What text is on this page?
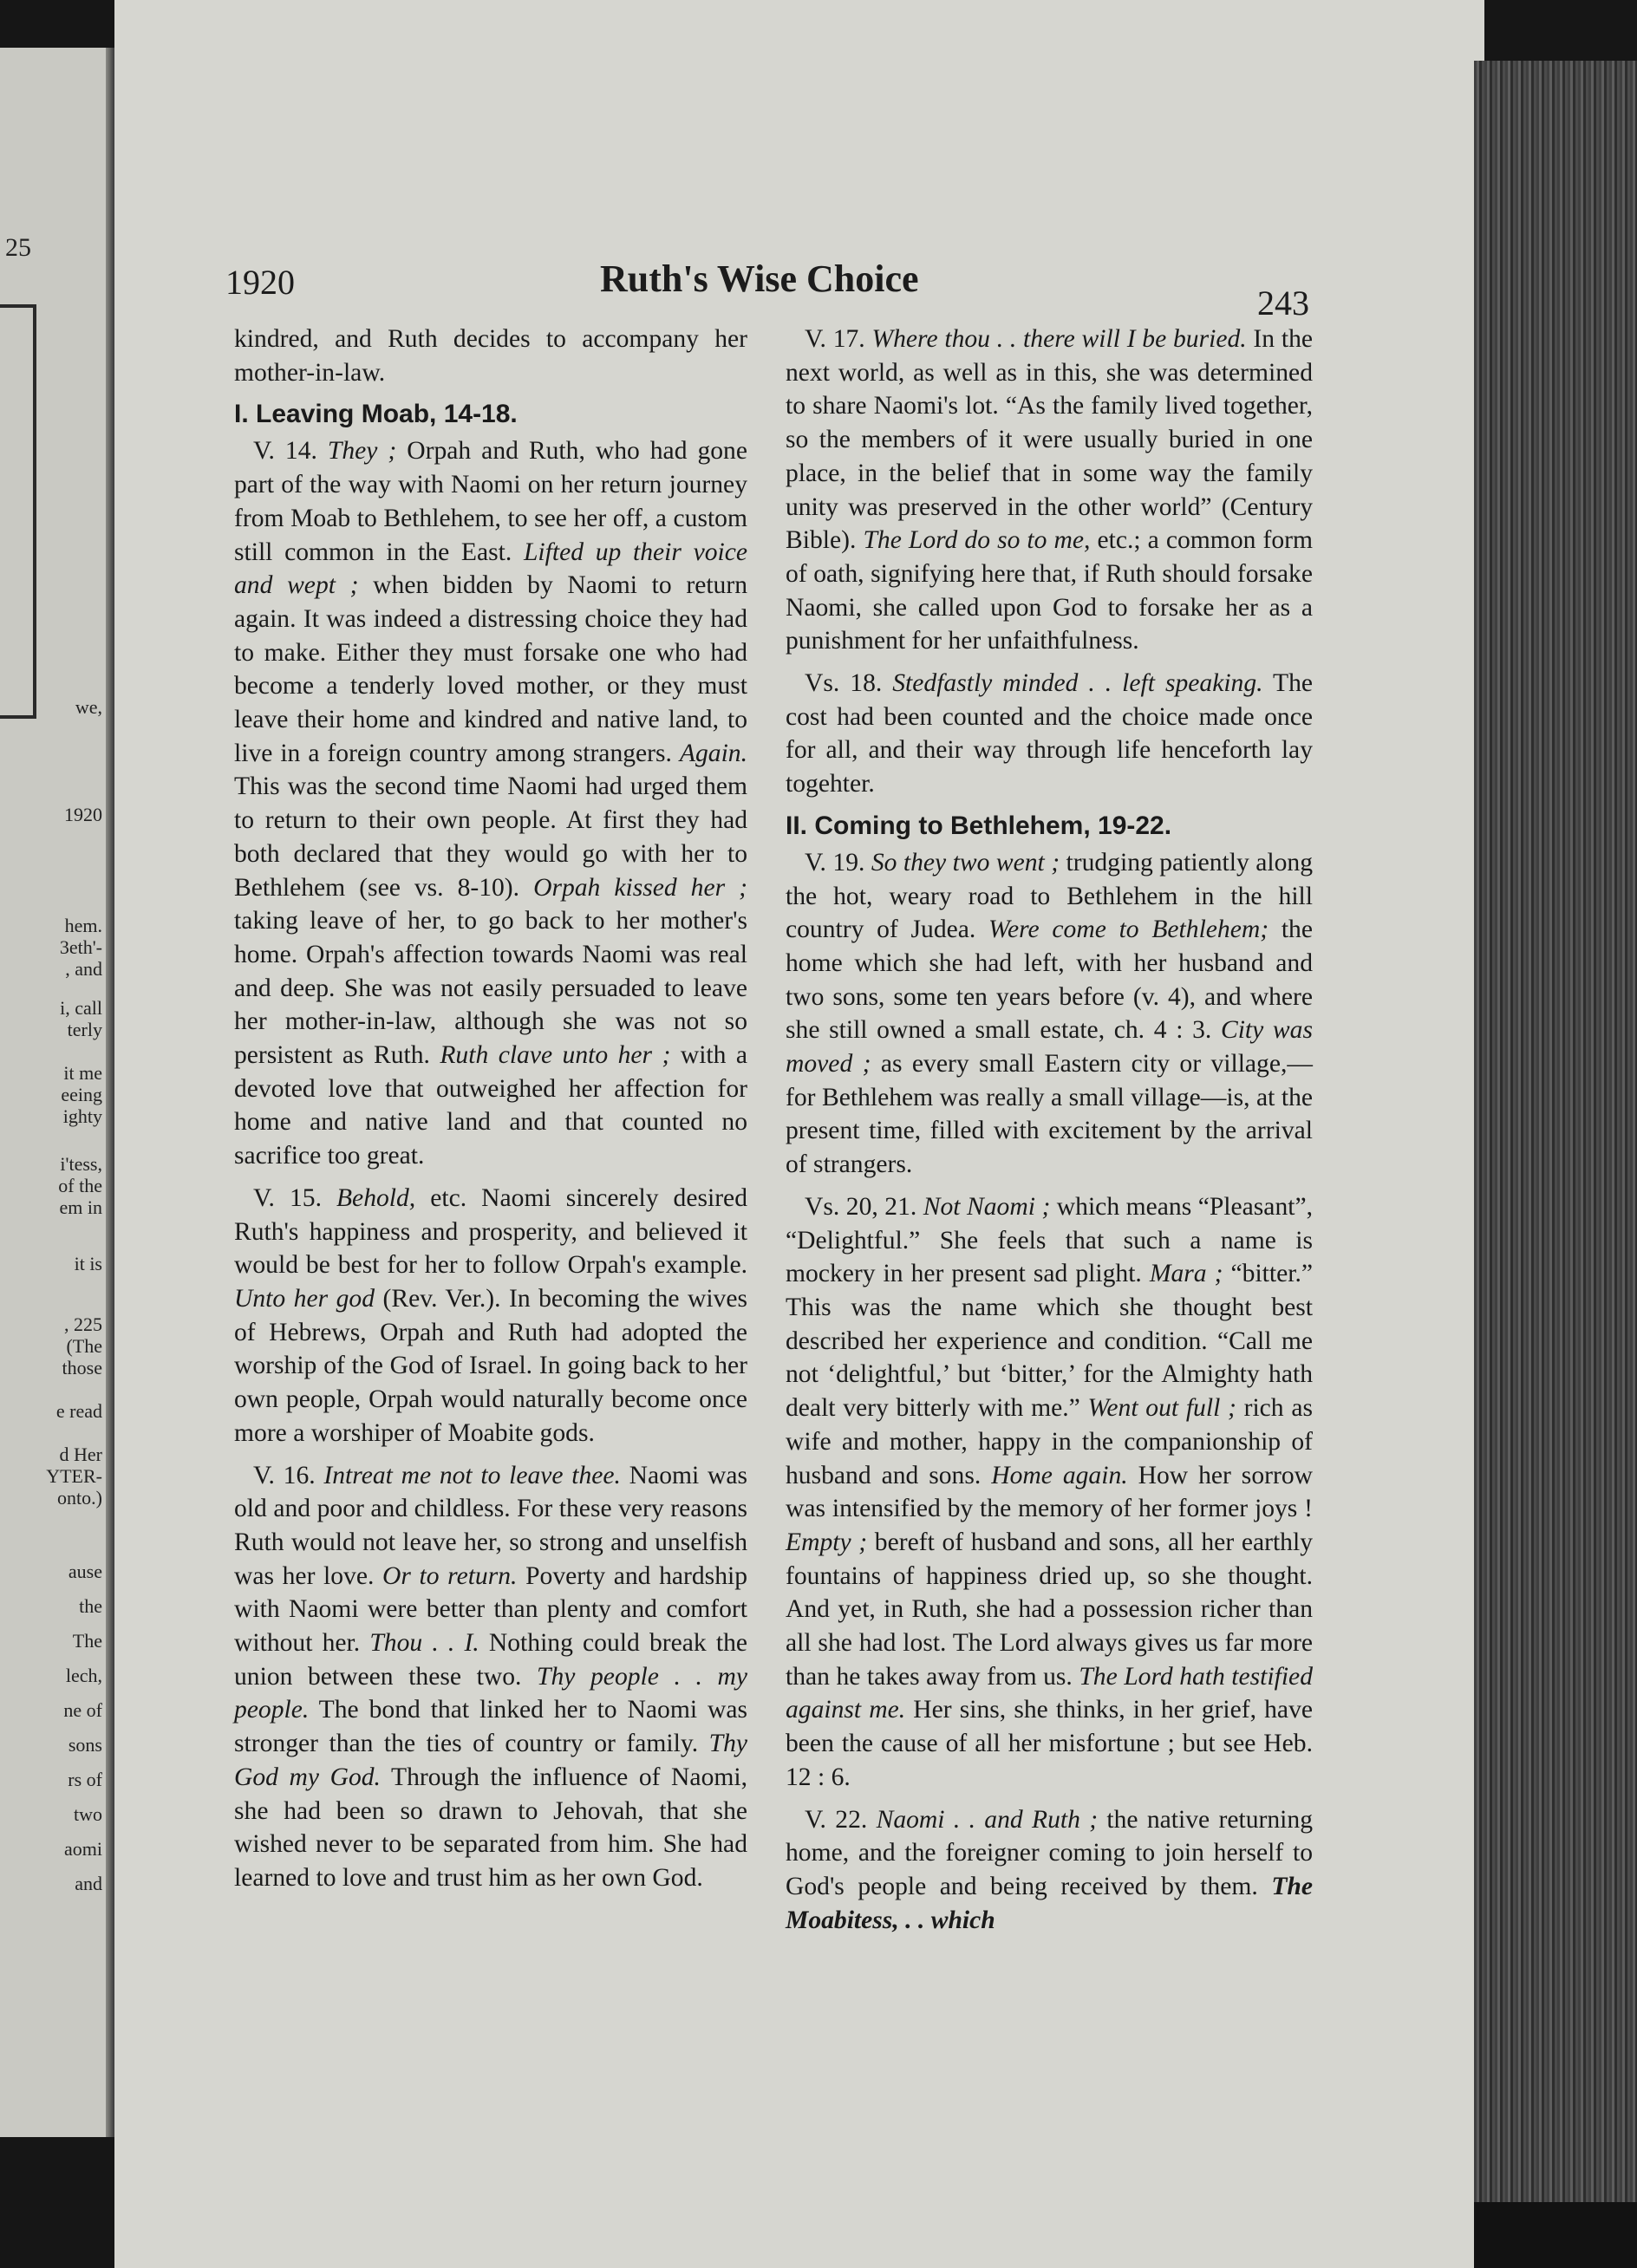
25
we,
1920
hem.
3eth'-
, and
i, call
terly
it me
eeing
ighty
i'tess,
of the
em in
it is
, 225
(The
those
e read
d Her
YTER-
onto.)
ause
the
The
lech,
ne of
sons
rs of
two
aomi
and
1920	Ruth's Wise Choice
243

kindred, and Ruth decides to accompany her mother-in-law.

I. Leaving Moab, 14-18.

V. 14. They ; Orpah and Ruth, who had gone part of the way with Naomi on her return journey from Moab to Bethlehem, to see her off, a custom still common in the East. Lifted up their voice and wept ; when bidden by Naomi to return again. It was indeed a distressing choice they had to make. Either they must forsake one who had become a tenderly loved mother, or they must leave their home and kindred and native land, to live in a foreign country among strangers. Again. This was the second time Naomi had urged them to return to their own people. At first they had both declared that they would go with her to Bethlehem (see vs. 8-10). Orpah kissed her ; taking leave of her, to go back to her mother's home. Orpah's affection towards Naomi was real and deep. She was not easily persuaded to leave her mother-in-law, although she was not so persistent as Ruth. Ruth clave unto her ; with a devoted love that outweighed her affection for home and native land and that counted no sacrifice too great.

V. 15. Behold, etc. Naomi sincerely desired Ruth's happiness and prosperity, and believed it would be best for her to follow Orpah's example. Unto her god (Rev. Ver.). In becoming the wives of Hebrews, Orpah and Ruth had adopted the worship of the God of Israel. In going back to her own people, Orpah would naturally become once more a worshiper of Moabite gods.

V. 16. Intreat me not to leave thee. Naomi was old and poor and childless. For these very reasons Ruth would not leave her, so strong and unselfish was her love. Or to return. Poverty and hardship with Naomi were better than plenty and comfort without her. Thou . . I. Nothing could break the union between these two. Thy people . . my people. The bond that linked her to Naomi was stronger than the ties of country or family. Thy God my God. Through the influence of Naomi, she had been so drawn to Jehovah, that she wished never to be separated from him. She had learned to love and trust him as her own God.

V. 17. Where thou . . there will I be buried. In the next world, as well as in this, she was determined to share Naomi's lot. “As the family lived together, so the members of it were usually buried in one place, in the belief that in some way the family unity was preserved in the other world” (Century Bible). The Lord do so to me, etc.; a common form of oath, signifying here that, if Ruth should forsake Naomi, she called upon God to forsake her as a punishment for her unfaithfulness.

Vs. 18. Stedfastly minded . . left speaking. The cost had been counted and the choice made once for all, and their way through life henceforth lay togehter.

II. Coming to Bethlehem, 19-22.

V. 19. So they two went ; trudging patiently along the hot, weary road to Bethlehem in the hill country of Judea. Were come to Bethlehem; the home which she had left, with her husband and two sons, some ten years before (v. 4), and where she still owned a small estate, ch. 4 : 3. City was moved ; as every small Eastern city or village,—for Bethlehem was really a small village—is, at the present time, filled with excitement by the arrival of strangers.

Vs. 20, 21. Not Naomi ; which means “Pleasant”, “Delightful.” She feels that such a name is mockery in her present sad plight. Mara ; “bitter.” This was the name which she thought best described her experience and condition. “Call me not ‘delightful,’ but ‘bitter,’ for the Almighty hath dealt very bitterly with me.” Went out full ; rich as wife and mother, happy in the companionship of husband and sons. Home again. How her sorrow was intensified by the memory of her former joys ! Empty ; bereft of husband and sons, all her earthly fountains of happiness dried up, so she thought. And yet, in Ruth, she had a possession richer than all she had lost. The Lord always gives us far more than he takes away from us. The Lord hath testified against me. Her sins, she thinks, in her grief, have been the cause of all her misfortune ; but see Heb. 12 : 6.

V. 22. Naomi . . and Ruth ; the native returning home, and the foreigner coming to join herself to God's people and being received by them. The Moabitess, . . which
